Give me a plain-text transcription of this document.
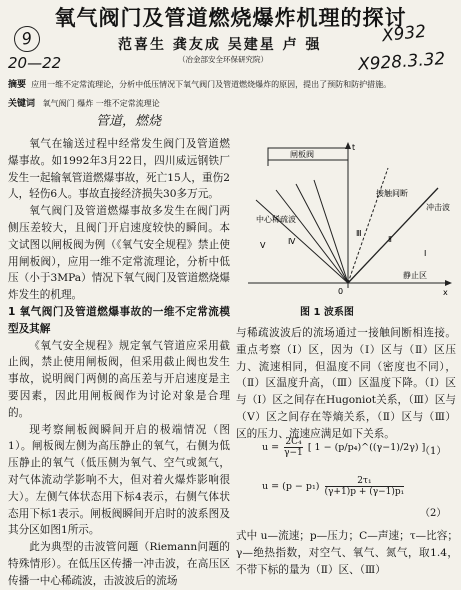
氧气阀门及管道燃烧爆炸机理的探讨
9
20—22
范喜生 龚友成 吴建星 卢 强
（冶金部安全环保研究院）
X932
X928.3.32
摘要 应用一维不定常流理论，分析中低压情况下氧气阀门及管道燃烧爆炸的原因，提出了预防和防护措施。
关键词 氧气阀门 爆炸 一维不定常流理论
管道，燃烧

氧气在输送过程中经常发生阀门及管道燃爆事故。如1992年3月22日，四川威远钢铁厂发生一起输氧管道燃爆事故，死亡15人，重伤2人，轻伤6人。事故直接经济损失30多万元。

氧气阀门及管道燃爆事故多发生在阀门两侧压差较大，且阀门开启速度较快的瞬间。本文试图以闸板阀为例（《氧气安全规程》禁止使用闸板阀），应用一维不定常流理论，分析中低压（小于3MPa）情况下氧气阀门及管道燃烧爆炸发生的机理。

1 氧气阀门及管道燃爆事故的一维不定常流模型及其解

《氧气安全规程》规定氧气管道应采用截止阀，禁止使用闸板阀，但采用截止阀也发生事故，说明阀门两侧的高压差与开启速度是主要因素，因此用闸板阀作为讨论对象是合理的。

现考察闸板阀瞬间开启的极端情况（图1）。闸板阀左侧为高压静止的氧气，右侧为低压静止的氧气（低压侧为氧气、空气或氮气，对气体流动学影响不大，但对着火爆炸影响很大）。左侧气体状态用下标4表示，右侧气体状态用下标1表示。闸板阀瞬间开启时的波系图及其分区如图1所示。

此为典型的击波管问题（Riemann问题的特殊情形）。在低压区传播一冲击波，在高压区传播一中心稀疏波，击波波后的流场

t
闸板阀
接触间断
冲击波
中心稀疏波
Ⅴ	Ⅳ
Ⅲ
Ⅱ
Ⅰ
0	x
静止区
图 1 波系图

与稀疏波波后的流场通过一接触间断相连接。重点考察（Ⅰ）区，因为（Ⅰ）区与（Ⅱ）区压力、流速相同，但温度不同（密度也不同），（Ⅱ）区温度升高，（Ⅲ）区温度下降。（Ⅰ）区与（Ⅰ）区之间存在Hugoniot关系，（Ⅲ）区与（Ⅴ）区之间存在等熵关系，（Ⅱ）区与（Ⅲ）区的压力、流速应满足如下关系。

$u = \frac{\text{2C₄}}{\gamma-1}$ [ 1 − (p/p₄)^((γ−1)/2γ) ]
（1）
$u = (p - p_1) \frac{\text{2τ₁}}{\text{(γ+1)p + (γ−1)p₁}}$
（2）

式中 u—流速；p—压力；C—声速；τ—比容；γ—绝热指数，对空气、氧气、氮气，取1.4，不带下标的量为（Ⅱ）区、（Ⅲ）
